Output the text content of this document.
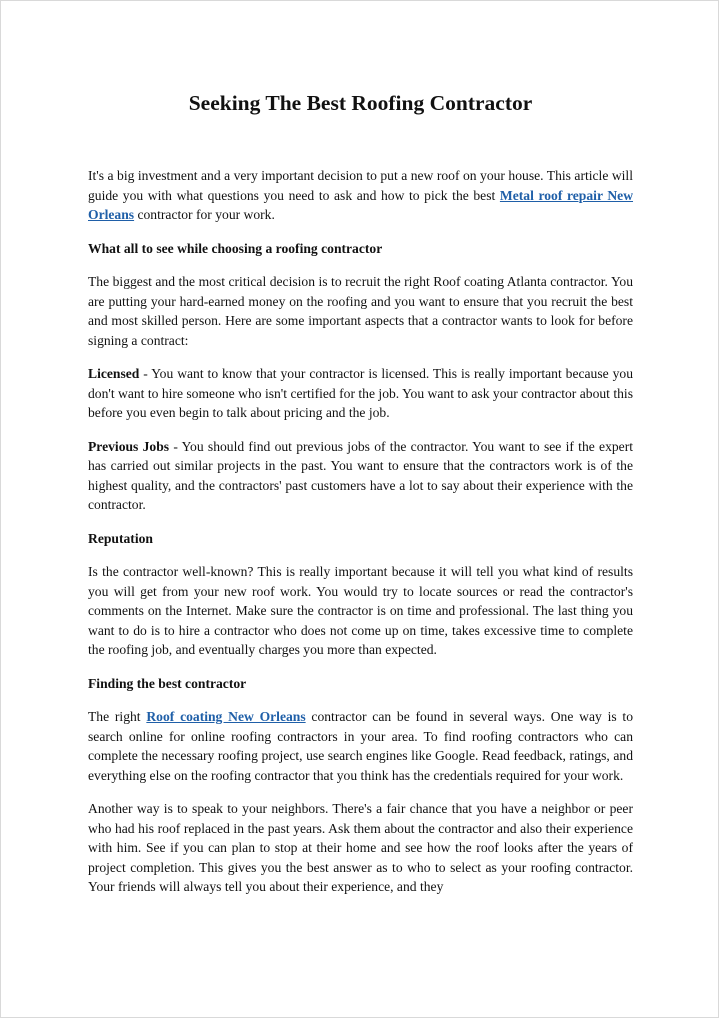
Seeking The Best Roofing Contractor

It's a big investment and a very important decision to put a new roof on your house. This article will guide you with what questions you need to ask and how to pick the best Metal roof repair New Orleans contractor for your work.

What all to see while choosing a roofing contractor

The biggest and the most critical decision is to recruit the right Roof coating Atlanta contractor. You are putting your hard-earned money on the roofing and you want to ensure that you recruit the best and most skilled person. Here are some important aspects that a contractor wants to look for before signing a contract:

Licensed - You want to know that your contractor is licensed. This is really important because you don't want to hire someone who isn't certified for the job. You want to ask your contractor about this before you even begin to talk about pricing and the job.

Previous Jobs - You should find out previous jobs of the contractor. You want to see if the expert has carried out similar projects in the past. You want to ensure that the contractors work is of the highest quality, and the contractors' past customers have a lot to say about their experience with the contractor.

Reputation

Is the contractor well-known? This is really important because it will tell you what kind of results you will get from your new roof work. You would try to locate sources or read the contractor's comments on the Internet. Make sure the contractor is on time and professional. The last thing you want to do is to hire a contractor who does not come up on time, takes excessive time to complete the roofing job, and eventually charges you more than expected.

Finding the best contractor

The right Roof coating New Orleans contractor can be found in several ways. One way is to search online for online roofing contractors in your area. To find roofing contractors who can complete the necessary roofing project, use search engines like Google. Read feedback, ratings, and everything else on the roofing contractor that you think has the credentials required for your work.

Another way is to speak to your neighbors. There's a fair chance that you have a neighbor or peer who had his roof replaced in the past years. Ask them about the contractor and also their experience with him. See if you can plan to stop at their home and see how the roof looks after the years of project completion. This gives you the best answer as to who to select as your roofing contractor. Your friends will always tell you about their experience, and they
